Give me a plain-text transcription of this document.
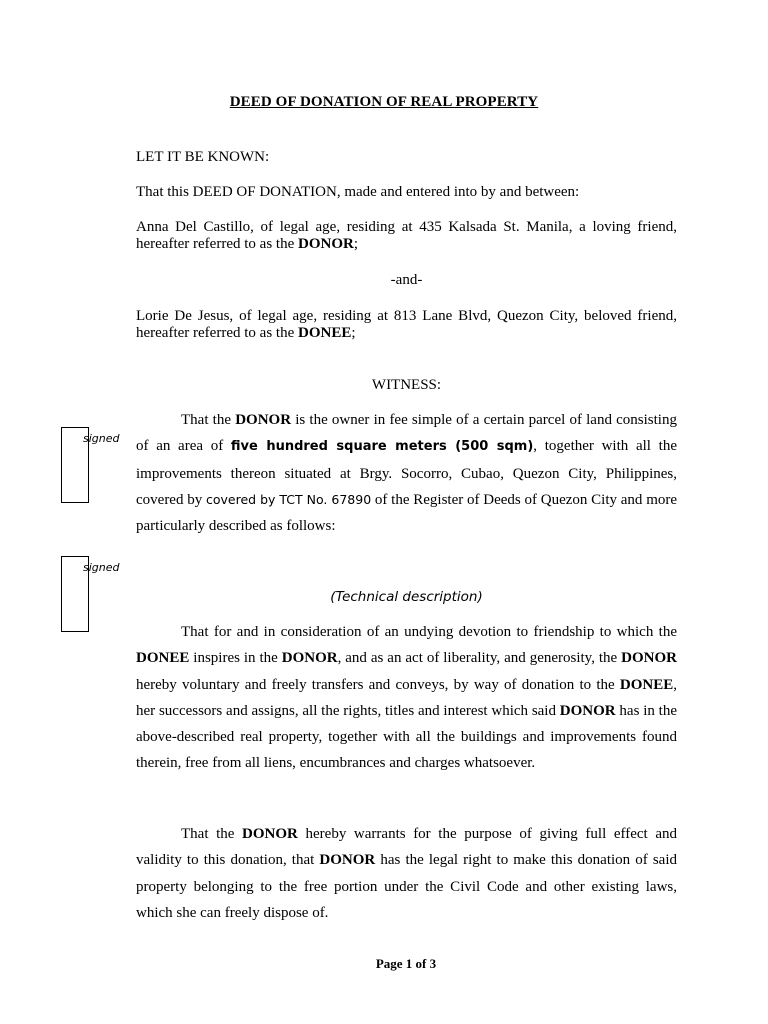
DEED OF DONATION OF REAL PROPERTY
LET IT BE KNOWN:
That this DEED OF DONATION, made and entered into by and between:
Anna Del Castillo, of legal age, residing at 435 Kalsada St. Manila, a loving friend, hereafter referred to as the DONOR;
-and-
Lorie De Jesus, of legal age, residing at 813 Lane Blvd, Quezon City, beloved friend, hereafter referred to as the DONEE;
WITNESS:
That the DONOR is the owner in fee simple of a certain parcel of land consisting of an area of five hundred square meters (500 sqm), together with all the improvements thereon situated at Brgy. Socorro, Cubao, Quezon City, Philippines, covered by covered by TCT No. 67890 of the Register of Deeds of Quezon City and more particularly described as follows:
(Technical description)
That for and in consideration of an undying devotion to friendship to which the DONEE inspires in the DONOR, and as an act of liberality, and generosity, the DONOR hereby voluntary and freely transfers and conveys, by way of donation to the DONEE, her successors and assigns, all the rights, titles and interest which said DONOR has in the above-described real property, together with all the buildings and improvements found therein, free from all liens, encumbrances and charges whatsoever.
That the DONOR hereby warrants for the purpose of giving full effect and validity to this donation, that DONOR has the legal right to make this donation of said property belonging to the free portion under the Civil Code and other existing laws, which she can freely dispose of.
signed
signed
Page 1 of 3
